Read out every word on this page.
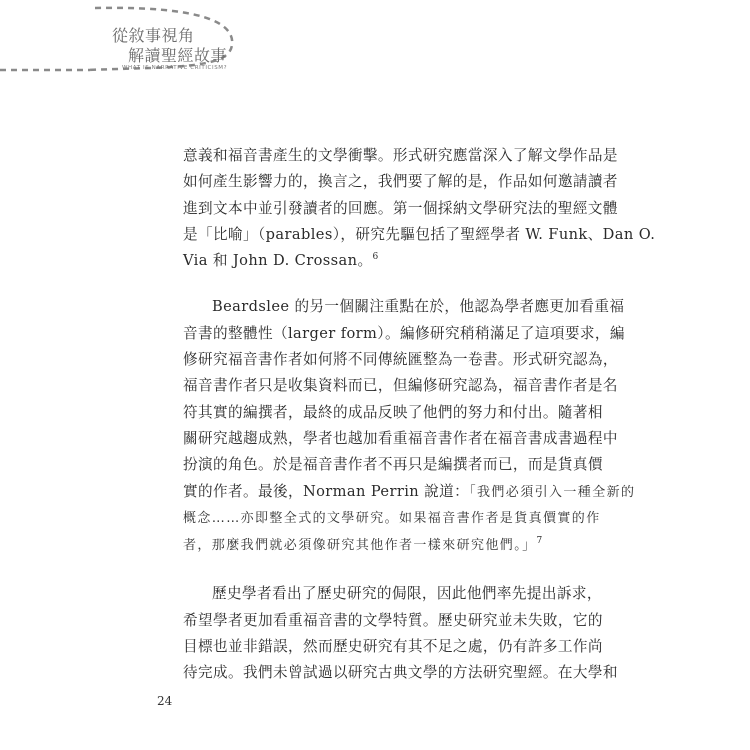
從敘事視角
解讀聖經故事
WHAT IS NARRATIVE CRITICISM?

意義和福音書產生的文學衝擊。形式研究應當深入了解文學作品是
如何產生影響力的，換言之，我們要了解的是，作品如何邀請讀者
進到文本中並引發讀者的回應。第一個採納文學研究法的聖經文體
是「比喻」（parables），研究先驅包括了聖經學者 W. Funk、Dan O.
Via 和 John D. Crossan。$^6$

Beardslee 的另一個關注重點在於，他認為學者應更加看重福
音書的整體性（larger form）。編修研究稍稍滿足了這項要求，編
修研究福音書作者如何將不同傳統匯整為一卷書。形式研究認為，
福音書作者只是收集資料而已，但編修研究認為，福音書作者是名
符其實的編撰者，最終的成品反映了他們的努力和付出。隨著相
關研究越趨成熟，學者也越加看重福音書作者在福音書成書過程中
扮演的角色。於是福音書作者不再只是編撰者而已，而是貨真價
實的作者。最後，Norman Perrin 說道：「我們必須引入一種全新的
概念……亦即整全式的文學研究。如果福音書作者是貨真價實的作
者，那麼我們就必須像研究其他作者一樣來研究他們。」$^7$

歷史學者看出了歷史研究的侷限，因此他們率先提出訴求，
希望學者更加看重福音書的文學特質。歷史研究並未失敗，它的
目標也並非錯誤，然而歷史研究有其不足之處，仍有許多工作尚
待完成。我們未曾試過以研究古典文學的方法研究聖經。在大學和

24
